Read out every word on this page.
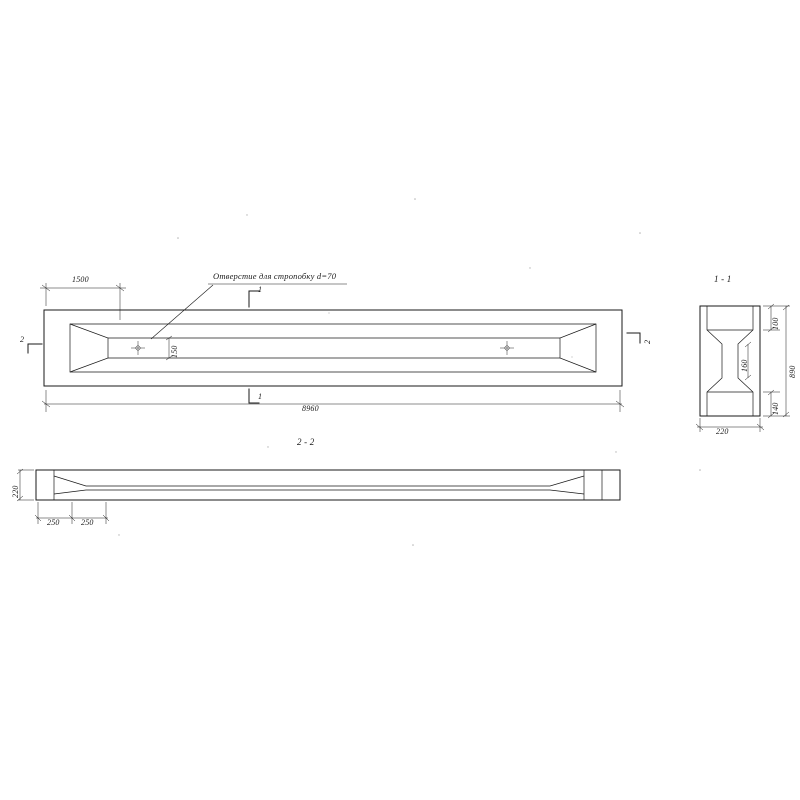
Отверстие для стропобку d=70
1500
8960
1
1
2	2
150
1 - 1
2 - 2
100
160
140
890
220
220
250	250
